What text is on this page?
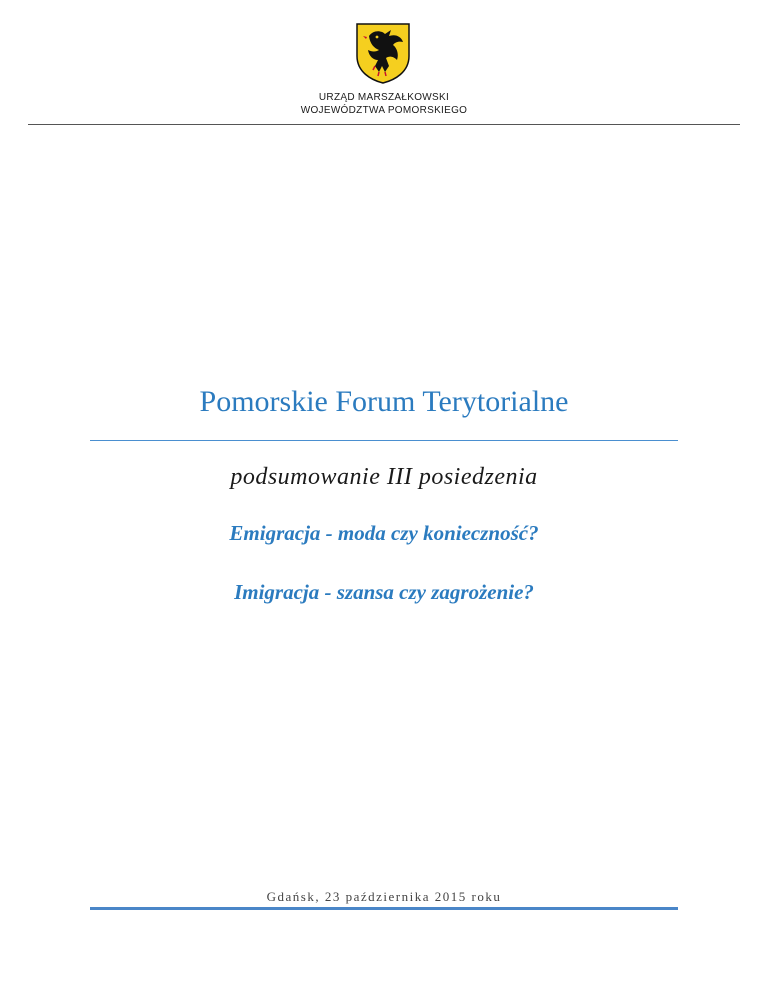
URZĄD MARSZAŁKOWSKI
WOJEWÓDZTWA POMORSKIEGO
Pomorskie Forum Terytorialne
podsumowanie III posiedzenia
Emigracja - moda czy konieczność?
Imigracja - szansa czy zagrożenie?
Gdańsk, 23 października 2015 roku
